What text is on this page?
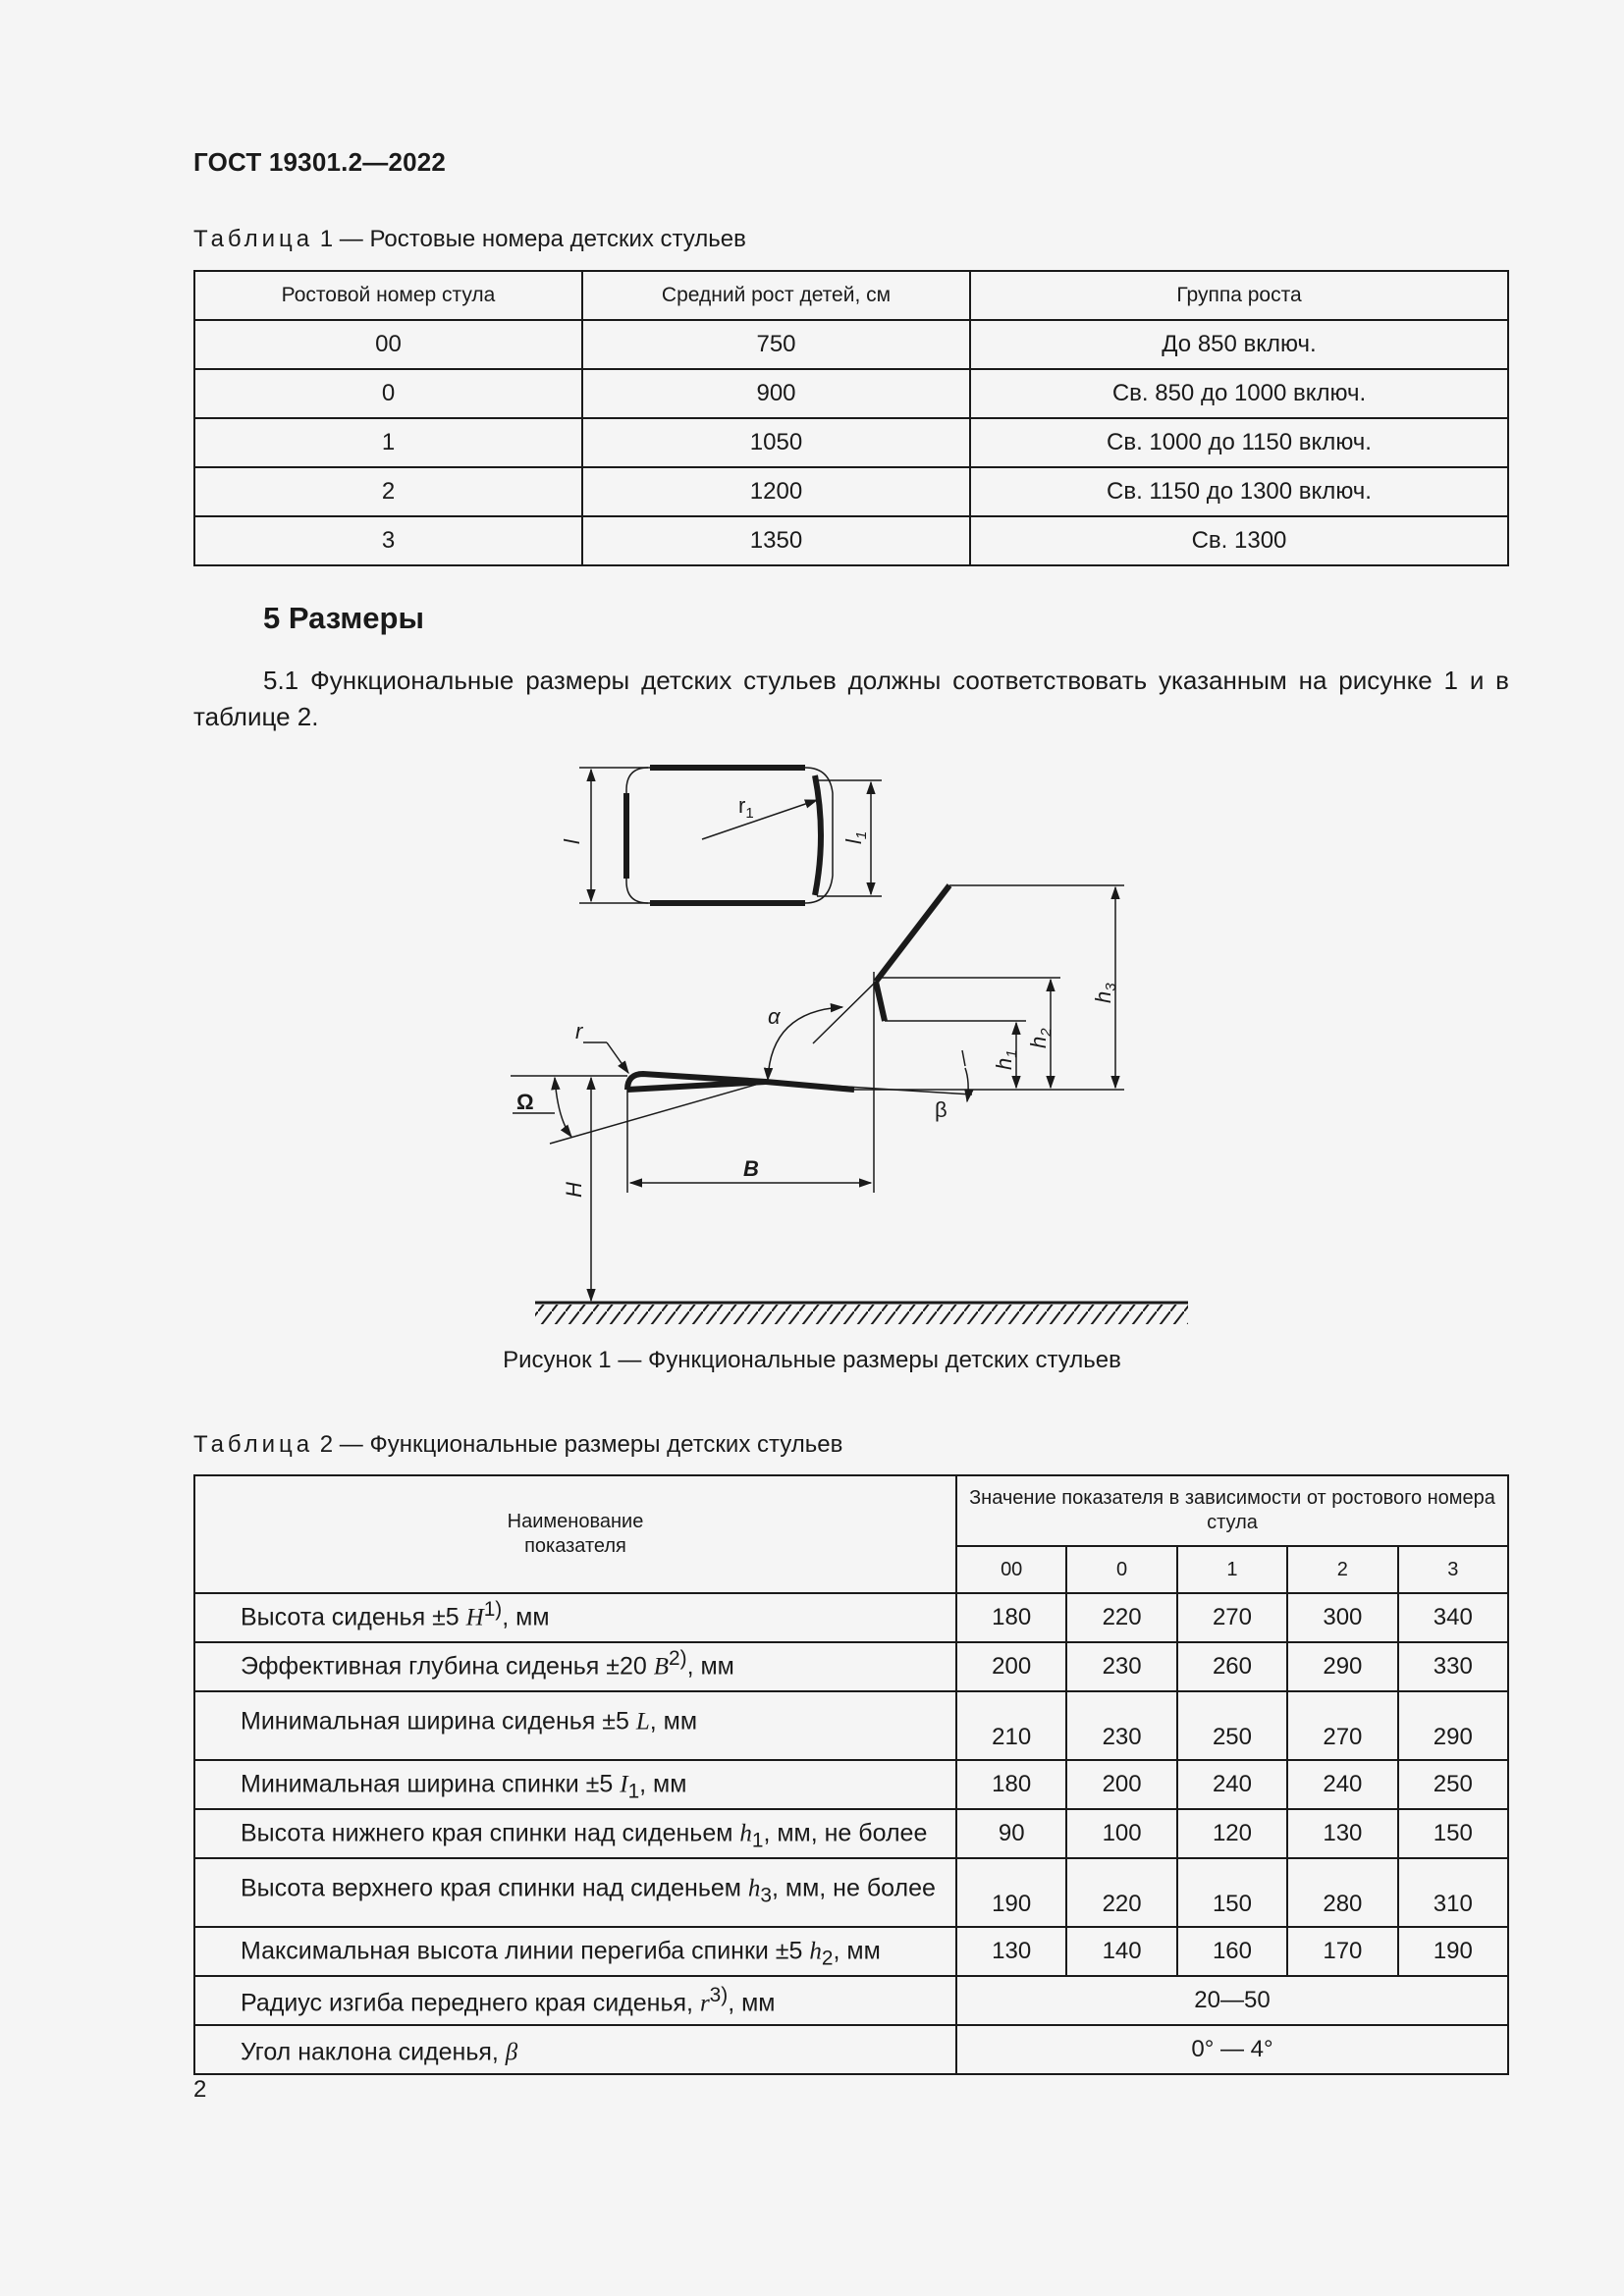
ГОСТ 19301.2—2022
Таблица 1 — Ростовые номера детских стульев
Ростовой номер стула	Средний рост детей, см	Группа роста
00	750	До 850 включ.
0	900	Св. 850 до 1000 включ.
1	1050	Св. 1000 до 1150 включ.
2	1200	Св. 1150 до 1300 включ.
3	1350	Св. 1300
5 Размеры
5.1 Функциональные размеры детских стульев должны соответствовать указанным на рисунке 1 и в таблице 2.
l	$l_1$
$r_1$
α
$h_1$
$h_2$
$h_3$
r
Ω	β
B
H
Рисунок 1 — Функциональные размеры детских стульев
Таблица 2 — Функциональные размеры детских стульев
Наименование показателя	Значение показателя в зависимости от ростового номера стула				

	00	0	1	2	3
Высота сиденья ±5 $H^{1)}$, мм	180	220	270	300	340
Эффективная глубина сиденья ±20 $B^{2)}$, мм	200	230	260	290	330
Минимальная ширина сиденья ±5 L, мм	210	230	250	270	290
Минимальная ширина спинки ±5 $I_1$, мм	180	200	240	240	250
Высота нижнего края спинки над сиденьем $h_1$, мм, не более	90	100	120	130	150
Высота верхнего края спинки над сиденьем $h_3$, мм, не более	190	220	150	280	310
Максимальная высота линии перегиба спинки ±5 $h_2$, мм	130	140	160	170	190
Радиус изгиба переднего края сиденья, $r^{3)}$, мм	20—50				
Угол наклона сиденья, β	0° — 4°				
2
